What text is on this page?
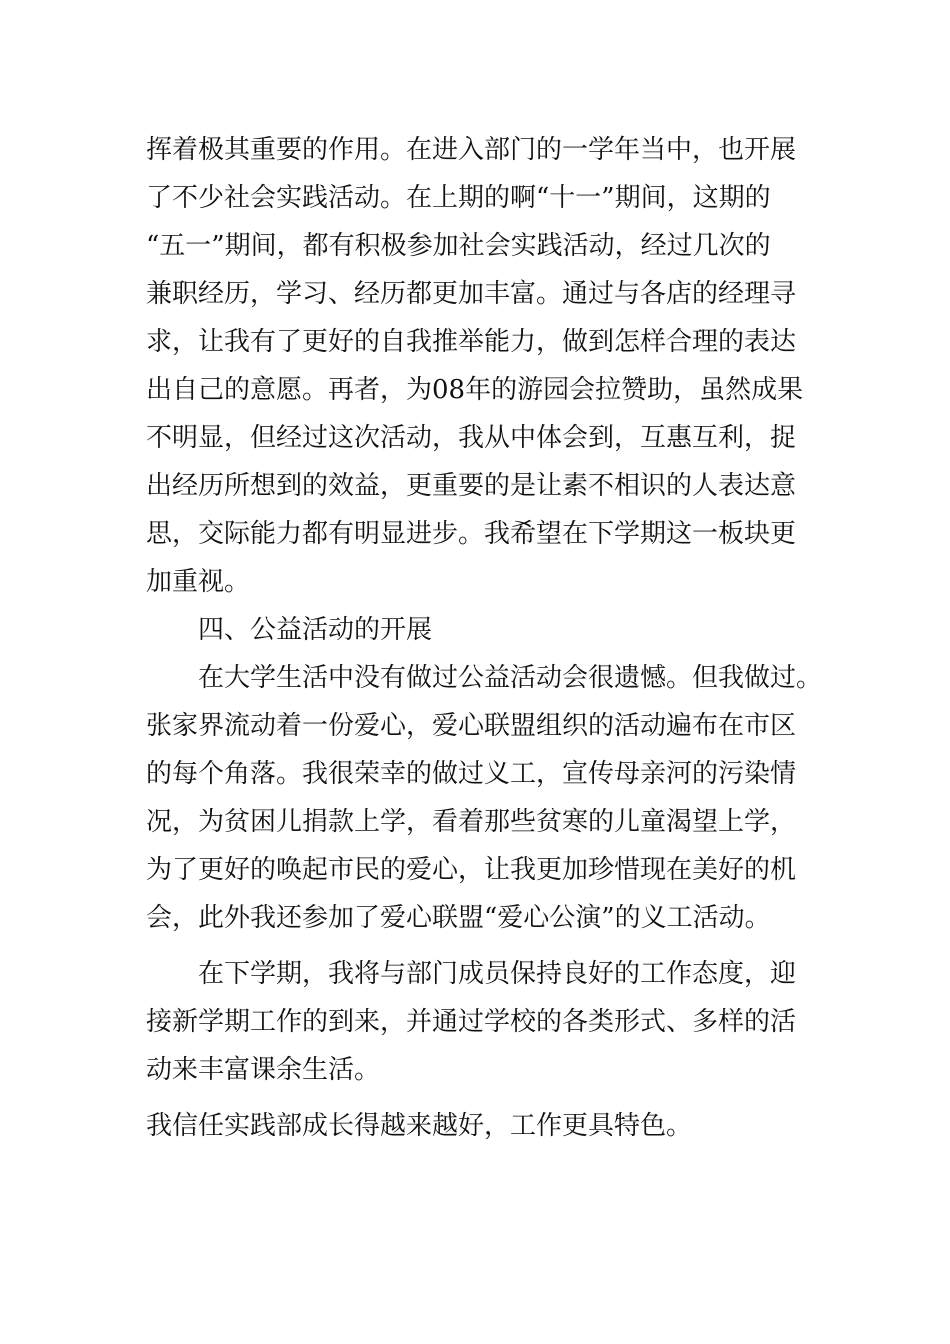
挥着极其重要的作用。在进入部门的一学年当中，也开展
了不少社会实践活动。在上期的啊“十一”期间，这期的
“五一”期间，都有积极参加社会实践活动，经过几次的
兼职经历，学习、经历都更加丰富。通过与各店的经理寻
求，让我有了更好的自我推举能力，做到怎样合理的表达
出自己的意愿。再者，为08年的游园会拉赞助，虽然成果
不明显，但经过这次活动，我从中体会到，互惠互利，捉
出经历所想到的效益，更重要的是让素不相识的人表达意
思，交际能力都有明显进步。我希望在下学期这一板块更
加重视。
四、公益活动的开展
在大学生活中没有做过公益活动会很遗憾。但我做过。
张家界流动着一份爱心，爱心联盟组织的活动遍布在市区
的每个角落。我很荣幸的做过义工，宣传母亲河的污染情
况，为贫困儿捐款上学，看着那些贫寒的儿童渴望上学，
为了更好的唤起市民的爱心，让我更加珍惜现在美好的机
会，此外我还参加了爱心联盟“爱心公演”的义工活动。
在下学期，我将与部门成员保持良好的工作态度，迎
接新学期工作的到来，并通过学校的各类形式、多样的活
动来丰富课余生活。
我信任实践部成长得越来越好，工作更具特色。
